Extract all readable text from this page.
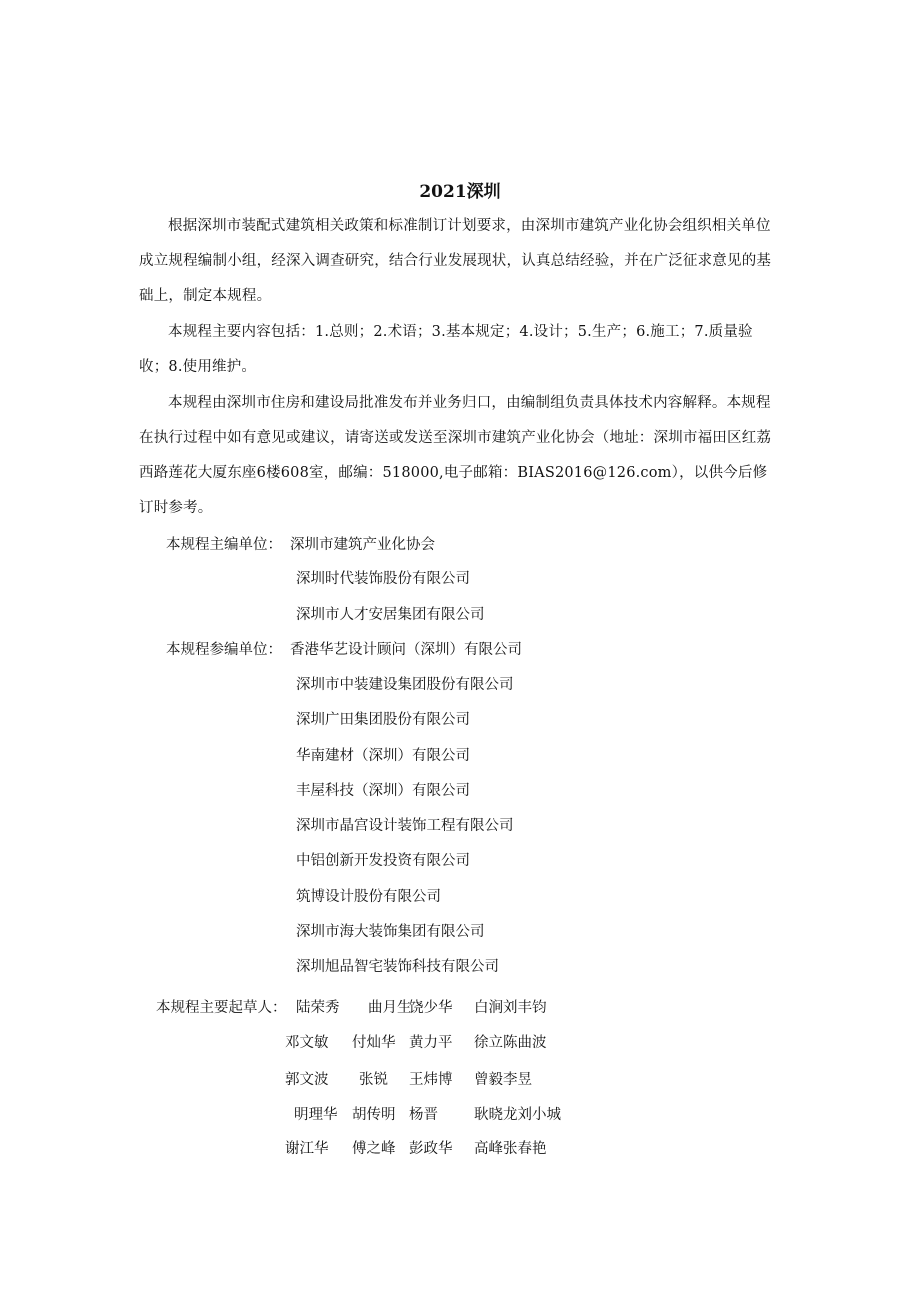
2021深圳

根据深圳市装配式建筑相关政策和标准制订计划要求，由深圳市建筑产业化协会组织相关单位成立规程编制小组，经深入调查研究，结合行业发展现状，认真总结经验，并在广泛征求意见的基础上，制定本规程。

本规程主要内容包括：1.总则；2.术语；3.基本规定；4.设计；5.生产；6.施工；7.质量验收；8.使用维护。

本规程由深圳市住房和建设局批准发布并业务归口，由编制组负责具体技术内容解释。本规程在执行过程中如有意见或建议，请寄送或发送至深圳市建筑产业化协会（地址：深圳市福田区红荔西路莲花大厦东座6楼608室，邮编：518000,电子邮箱：BIAS2016@126.com），以供今后修订时参考。

本规程主编单位： 深圳市建筑产业化协会
深圳时代装饰股份有限公司
深圳市人才安居集团有限公司
本规程参编单位： 香港华艺设计顾问（深圳）有限公司
深圳市中装建设集团股份有限公司
深圳广田集团股份有限公司
华南建材（深圳）有限公司
丰屋科技（深圳）有限公司
深圳市晶宫设计装饰工程有限公司
中铝创新开发投资有限公司
筑博设计股份有限公司
深圳市海大装饰集团有限公司
深圳旭品智宅装饰科技有限公司
本规程主要起草人： 陆荣秀 曲月生
饶少华 白涧刘丰钧
邓文敏 付灿华 黄力平 徐立陈曲波
郭文波 张锐 王炜博 曾毅李昱
明理华 胡传明 杨晋 耿晓龙刘小城
谢江华 傅之峰 彭政华 高峰张春艳
